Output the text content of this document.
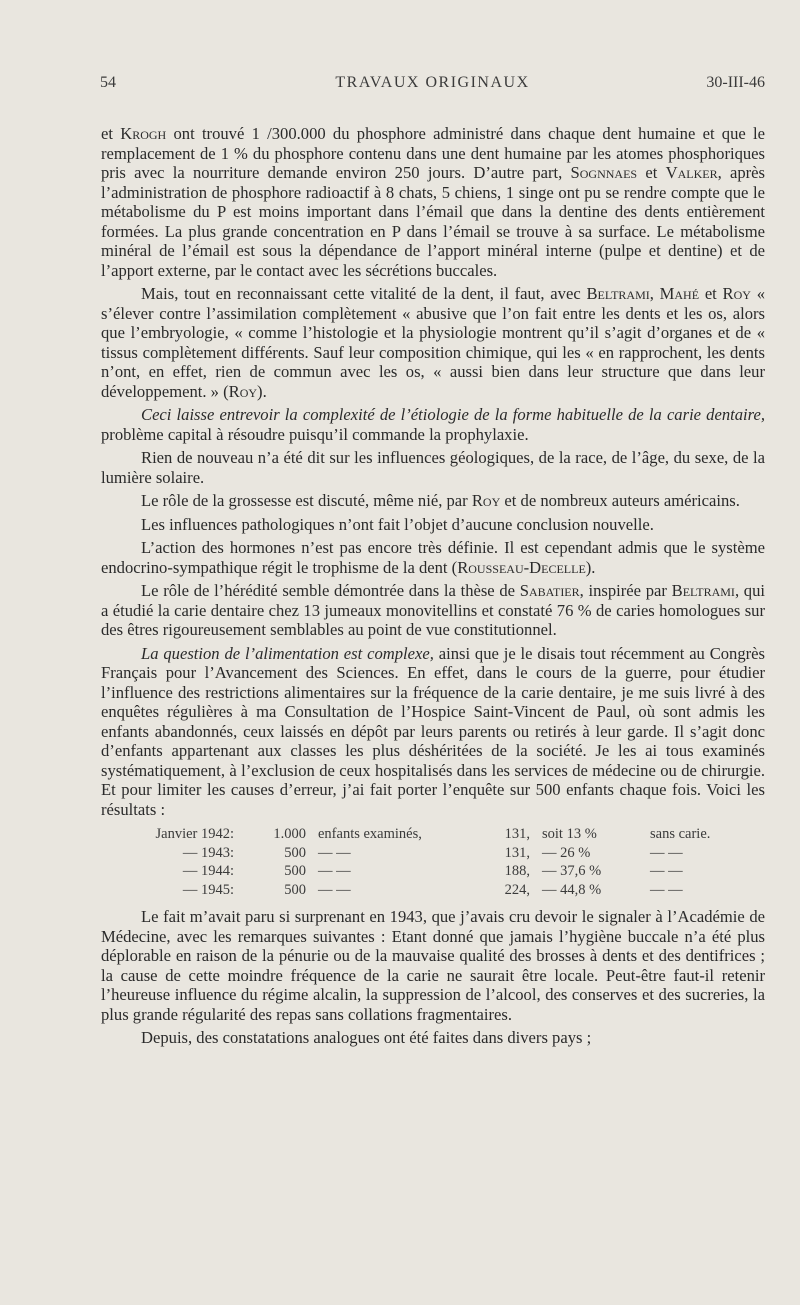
54	TRAVAUX ORIGINAUX	30-III-46

et Krogh ont trouvé 1 /300.000 du phosphore administré dans chaque dent humaine et que le remplacement de 1 % du phosphore contenu dans une dent humaine par les atomes phosphoriques pris avec la nourriture demande environ 250 jours. D’autre part, Sognnaes et Valker, après l’administration de phosphore radioactif à 8 chats, 5 chiens, 1 singe ont pu se rendre compte que le métabolisme du P est moins important dans l’émail que dans la dentine des dents entièrement formées. La plus grande concentration en P dans l’émail se trouve à sa surface. Le métabolisme minéral de l’émail est sous la dépendance de l’apport minéral interne (pulpe et dentine) et de l’apport externe, par le contact avec les sécrétions buccales.

Mais, tout en reconnaissant cette vitalité de la dent, il faut, avec Beltrami, Mahé et Roy « s’élever contre l’assimilation complètement « abusive que l’on fait entre les dents et les os, alors que l’embryologie, « comme l’histologie et la physiologie montrent qu’il s’agit d’organes et de « tissus complètement différents. Sauf leur composition chimique, qui les « en rapprochent, les dents n’ont, en effet, rien de commun avec les os, « aussi bien dans leur structure que dans leur développement. » (Roy).

Ceci laisse entrevoir la complexité de l’étiologie de la forme habituelle de la carie dentaire, problème capital à résoudre puisqu’il commande la prophylaxie.

Rien de nouveau n’a été dit sur les influences géologiques, de la race, de l’âge, du sexe, de la lumière solaire.

Le rôle de la grossesse est discuté, même nié, par Roy et de nombreux auteurs américains.

Les influences pathologiques n’ont fait l’objet d’aucune conclusion nouvelle.

L’action des hormones n’est pas encore très définie. Il est cependant admis que le système endocrino-sympathique régit le trophisme de la dent (Rousseau-Decelle).

Le rôle de l’hérédité semble démontrée dans la thèse de Sabatier, inspirée par Beltrami, qui a étudié la carie dentaire chez 13 jumeaux monovitellins et constaté 76 % de caries homologues sur des êtres rigoureusement semblables au point de vue constitutionnel.

La question de l’alimentation est complexe, ainsi que je le disais tout récemment au Congrès Français pour l’Avancement des Sciences. En effet, dans le cours de la guerre, pour étudier l’influence des restrictions alimentaires sur la fréquence de la carie dentaire, je me suis livré à des enquêtes régulières à ma Consultation de l’Hospice Saint-Vincent de Paul, où sont admis les enfants abandonnés, ceux laissés en dépôt par leurs parents ou retirés à leur garde. Il s’agit donc d’enfants appartenant aux classes les plus déshéritées de la société. Je les ai tous examinés systématiquement, à l’exclusion de ceux hospitalisés dans les services de médecine ou de chirurgie. Et pour limiter les causes d’erreur, j’ai fait porter l’enquête sur 500 enfants chaque fois. Voici les résultats :

Janvier 1942	:	1.000	enfants examinés,	131,	soit 13 %	sans carie.
— 1943	:	500	— —	131,	— 26 %	— —
— 1944	:	500	— —	188,	— 37,6 %	— —
— 1945	:	500	— —	224,	— 44,8 %	— —

Le fait m’avait paru si surprenant en 1943, que j’avais cru devoir le signaler à l’Académie de Médecine, avec les remarques suivantes : Etant donné que jamais l’hygiène buccale n’a été plus déplorable en raison de la pénurie ou de la mauvaise qualité des brosses à dents et des dentifrices ; la cause de cette moindre fréquence de la carie ne saurait être locale. Peut-être faut-il retenir l’heureuse influence du régime alcalin, la suppression de l’alcool, des conserves et des sucreries, la plus grande régularité des repas sans collations fragmentaires.

Depuis, des constatations analogues ont été faites dans divers pays ;
